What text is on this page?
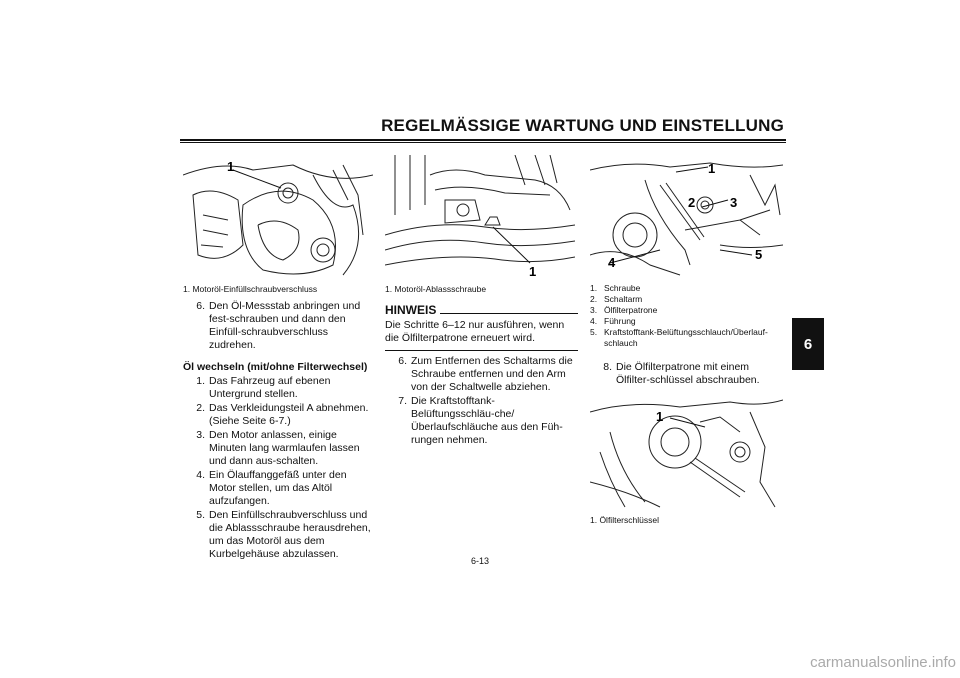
REGELMÄSSIGE WARTUNG UND EINSTELLUNG
6
1
1. Motoröl-Einfüllschraubverschluss
6. Den Öl-Messstab anbringen und fest-schrauben und dann den Einfüll-schraubverschluss zudrehen.
Öl wechseln (mit/ohne Filterwechsel)
1. Das Fahrzeug auf ebenen Untergrund stellen.
2. Das Verkleidungsteil A abnehmen. (Siehe Seite 6-7.)
3. Den Motor anlassen, einige Minuten lang warmlaufen lassen und dann aus-schalten.
4. Ein Ölauffanggefäß unter den Motor stellen, um das Altöl aufzufangen.
5. Den Einfüllschraubverschluss und die Ablassschraube herausdrehen, um das Motoröl aus dem Kurbelgehäuse abzulassen.
1
1. Motoröl-Ablassschraube
HINWEIS
Die Schritte 6–12 nur ausführen, wenn die Ölfilterpatrone erneuert wird.
6. Zum Entfernen des Schaltarms die Schraube entfernen und den Arm von der Schaltwelle abziehen.
7. Die Kraftstofftank-Belüftungsschläu-che/Überlaufschläuche aus den Füh-rungen nehmen.
1
2	3
4
5
1. Schraube
2. Schaltarm
3. Ölfilterpatrone
4. Führung
5. Kraftstofftank-Belüftungsschlauch/Überlauf-schlauch
8. Die Ölfilterpatrone mit einem Ölfilter-schlüssel abschrauben.
1
1. Ölfilterschlüssel
6-13
carmanualsonline.info
